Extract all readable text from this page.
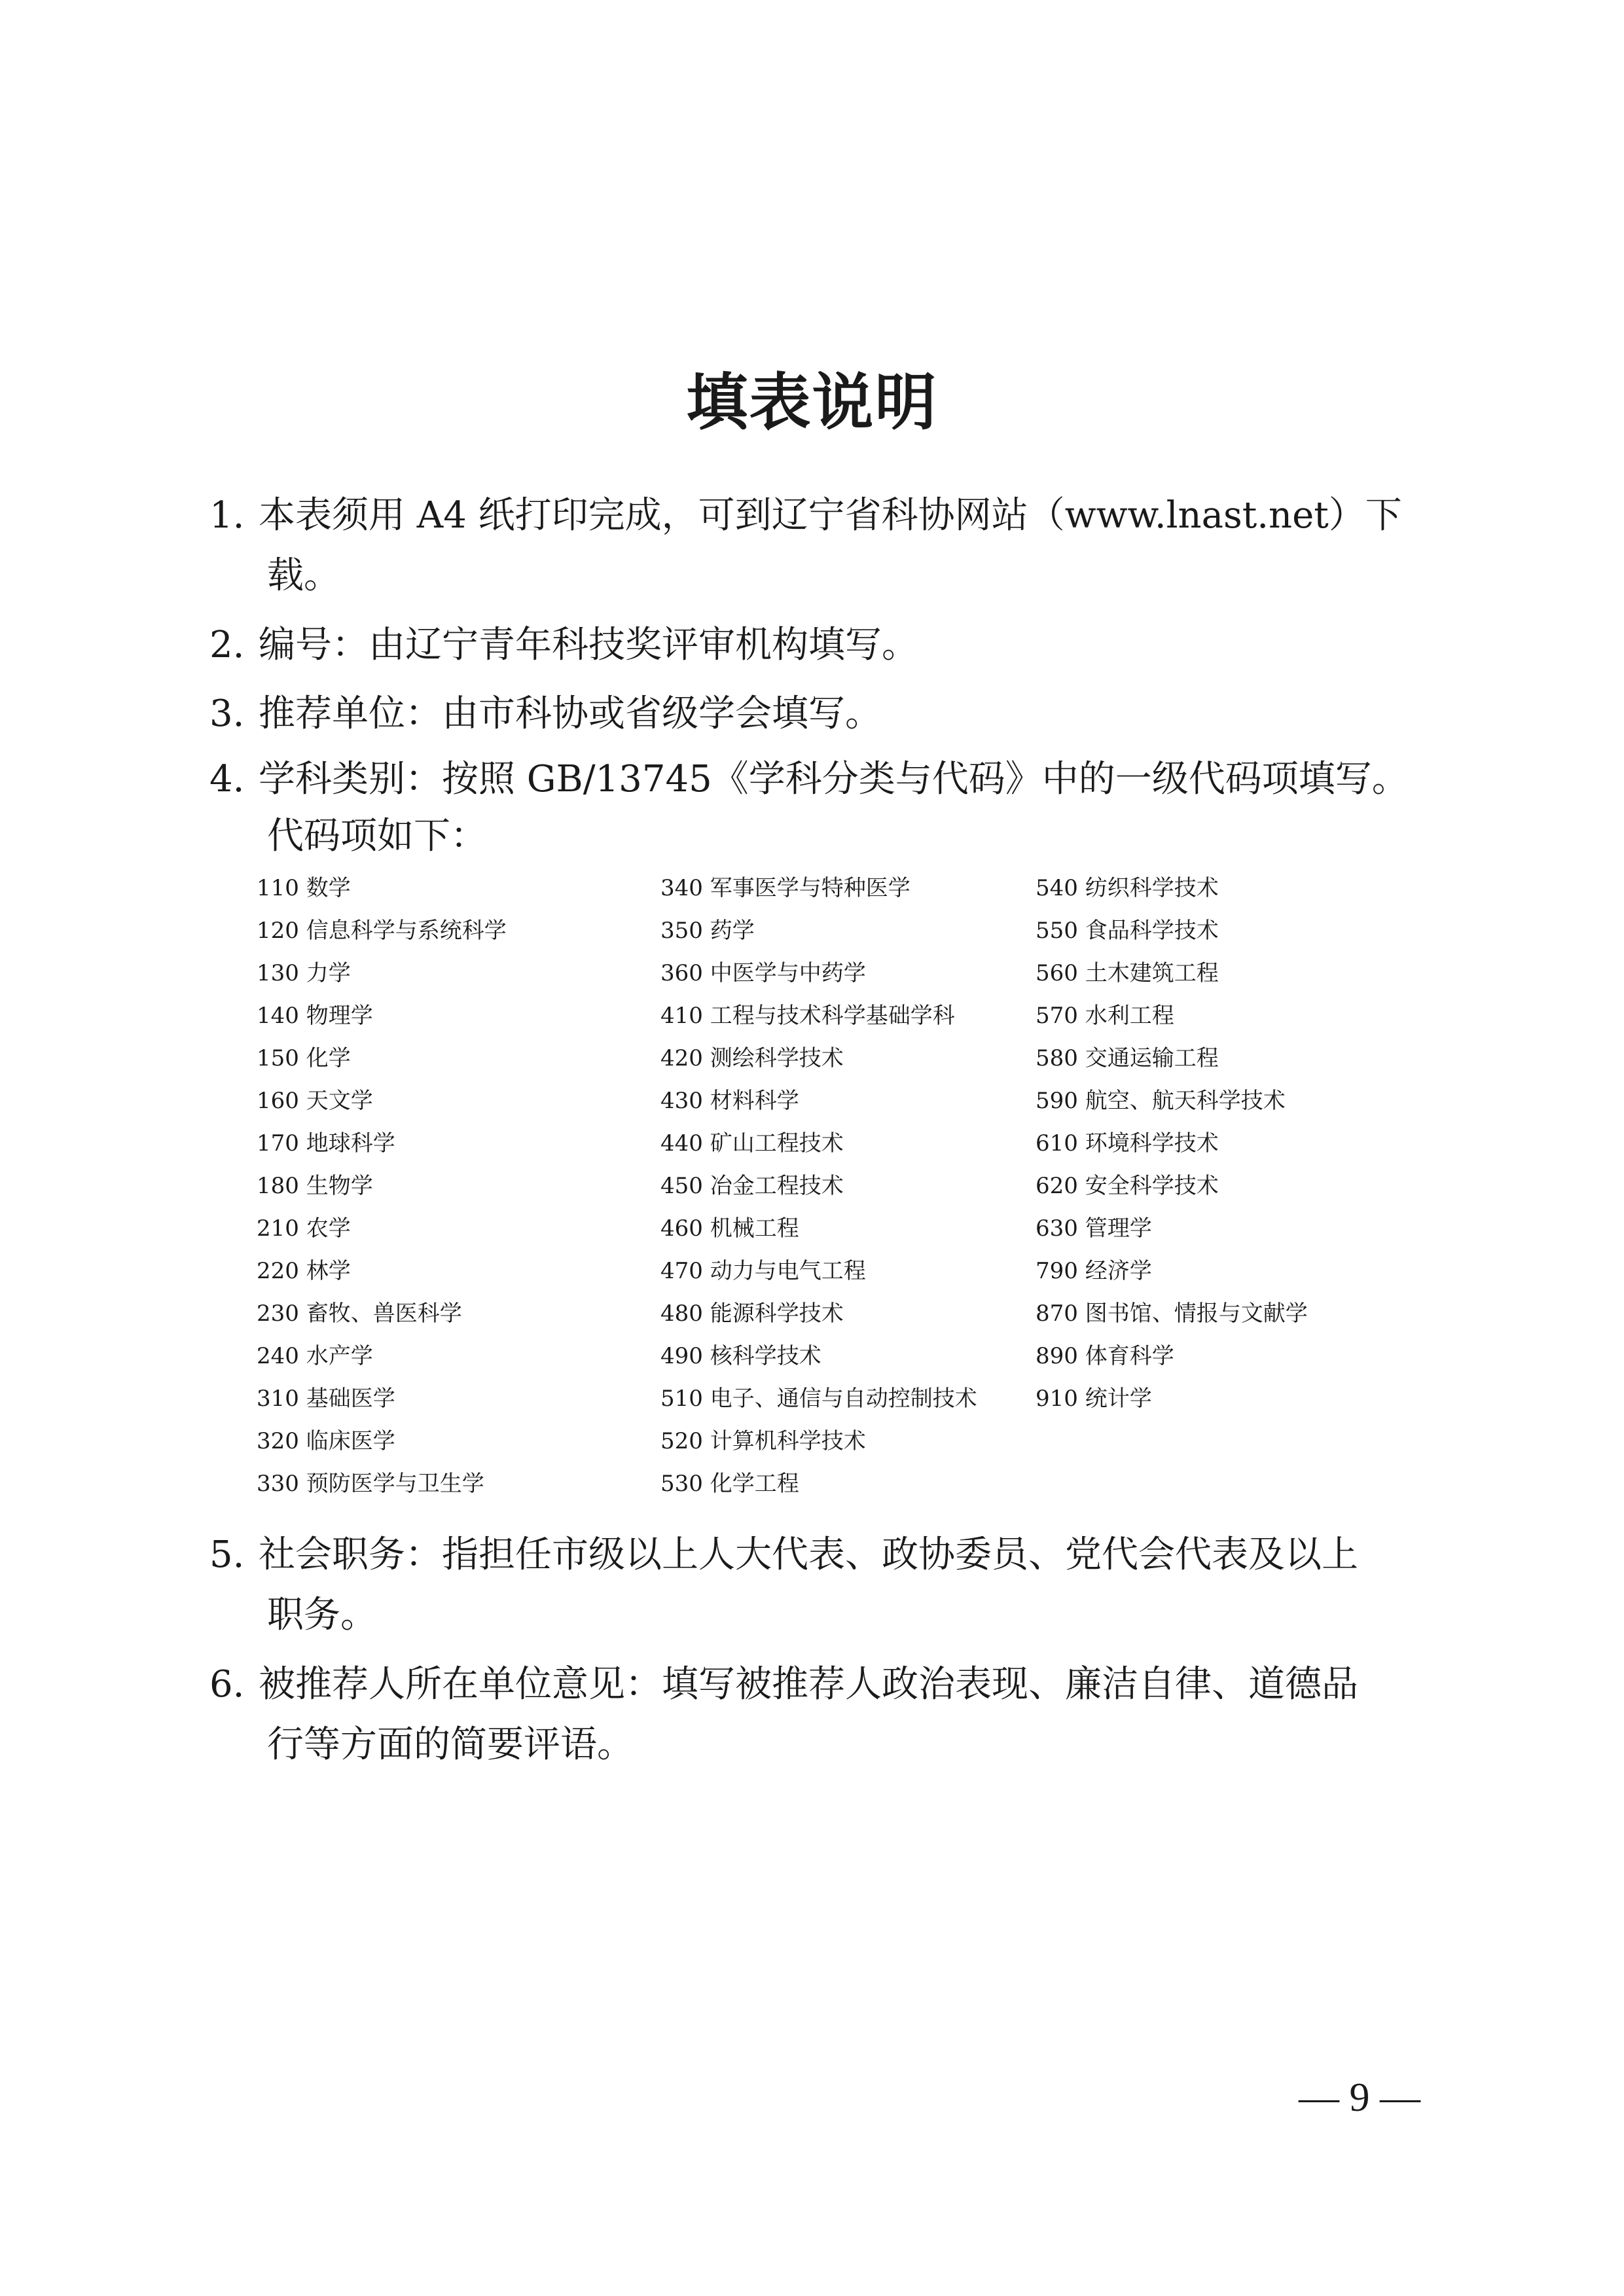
填表说明
1. 本表须用 A4 纸打印完成，可到辽宁省科协网站（www.lnast.net）下
载。
2. 编号：由辽宁青年科技奖评审机构填写。
3. 推荐单位：由市科协或省级学会填写。
4. 学科类别：按照 GB/13745《学科分类与代码》中的一级代码项填写。
代码项如下：
110 数学
120 信息科学与系统科学
130 力学
140 物理学
150 化学
160 天文学
170 地球科学
180 生物学
210 农学
220 林学
230 畜牧、兽医科学
240 水产学
310 基础医学
320 临床医学
330 预防医学与卫生学
340 军事医学与特种医学
350 药学
360 中医学与中药学
410 工程与技术科学基础学科
420 测绘科学技术
430 材料科学
440 矿山工程技术
450 冶金工程技术
460 机械工程
470 动力与电气工程
480 能源科学技术
490 核科学技术
510 电子、通信与自动控制技术
520 计算机科学技术
530 化学工程
540 纺织科学技术
550 食品科学技术
560 土木建筑工程
570 水利工程
580 交通运输工程
590 航空、航天科学技术
610 环境科学技术
620 安全科学技术
630 管理学
790 经济学
870 图书馆、情报与文献学
890 体育科学
910 统计学
5. 社会职务：指担任市级以上人大代表、政协委员、党代会代表及以上
职务。
6. 被推荐人所在单位意见：填写被推荐人政治表现、廉洁自律、道德品
行等方面的简要评语。
— 9 —
